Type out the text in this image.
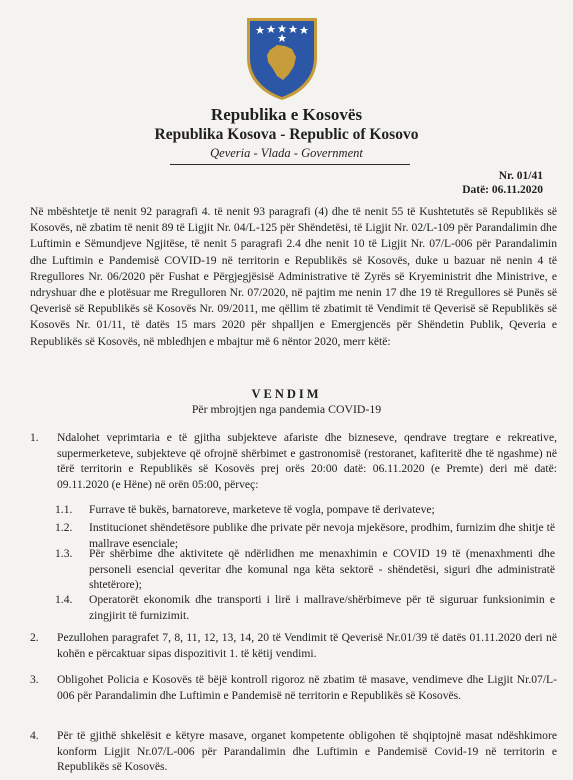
Republika e Kosovës
Republika Kosova - Republic of Kosovo
Qeveria - Vlada - Government
Nr. 01/41
Datë: 06.11.2020
Në mbështetje të nenit 92 paragrafi 4. të nenit 93 paragrafi (4) dhe të nenit 55 të Kushtetutës së Republikës së Kosovës, në zbatim të nenit 89 të Ligjit Nr. 04/L-125 për Shëndetësi, të Ligjit Nr. 02/L-109 për Parandalimin dhe Luftimin e Sëmundjeve Ngjitëse, të nenit 5 paragrafi 2.4 dhe nenit 10 të Ligjit Nr. 07/L-006 për Parandalimin dhe Luftimin e Pandemisë COVID-19 në territorin e Republikës së Kosovës, duke u bazuar në nenin 4 të Rregullores Nr. 06/2020 për Fushat e Përgjegjësisë Administrative të Zyrës së Kryeministrit dhe Ministrive, e ndryshuar dhe e plotësuar me Rregulloren Nr. 07/2020, në pajtim me nenin 17 dhe 19 të Rregullores së Punës së Qeverisë së Republikës së Kosovës Nr. 09/2011, me qëllim të zbatimit të Vendimit të Qeverisë së Republikës së Kosovës Nr. 01/11, të datës 15 mars 2020 për shpalljen e Emergjencës për Shëndetin Publik, Qeveria e Republikës së Kosovës, në mbledhjen e mbajtur më 6 nëntor 2020, merr këtë:
VENDIM
Për mbrojtjen nga pandemia COVID-19
1.	Ndalohet veprimtaria e të gjitha subjekteve afariste dhe bizneseve, qendrave tregtare e rekreative, supermerketeve, subjekteve që ofrojnë shërbimet e gastronomisë (restoranet, kafiteritë dhe të ngashme) në tërë territorin e Republikës së Kosovës prej orës 20:00 datë: 06.11.2020 (e Premte) deri më datë: 09.11.2020 (e Hëne) në orën 05:00, përveç:
1.1. Furrave të bukës, barnatoreve, marketeve të vogla, pompave të derivateve;
1.2. Institucionet shëndetësore publike dhe private për nevoja mjekësore, prodhim, furnizim dhe shitje të mallrave esenciale;
1.3. Për shërbime dhe aktivitete që ndërlidhen me menaxhimin e COVID 19 të (menaxhmenti dhe personeli esencial qeveritar dhe komunal nga këta sektorë - shëndetësi, siguri dhe administratë shtetërore);
1.4. Operatorët ekonomik dhe transporti i lirë i mallrave/shërbimeve për të siguruar funksionimin e zingjirit të furnizimit.
2.	Pezullohen paragrafet 7, 8, 11, 12, 13, 14, 20 të Vendimit të Qeverisë Nr.01/39 të datës 01.11.2020 deri në kohën e përcaktuar sipas dispozitivit 1. të këtij vendimi.
3.	Obligohet Policia e Kosovës të bëjë kontroll rigoroz në zbatim të masave, vendimeve dhe Ligjit Nr.07/L-006 për Parandalimin dhe Luftimin e Pandemisë në territorin e Republikës së Kosovës.
4.	Për të gjithë shkelësit e këtyre masave, organet kompetente obligohen të shqiptojnë masat ndëshkimore konform Ligjit Nr.07/L-006 për Parandalimin dhe Luftimin e Pandemisë Covid-19 në territorin e Republikës së Kosovës.
